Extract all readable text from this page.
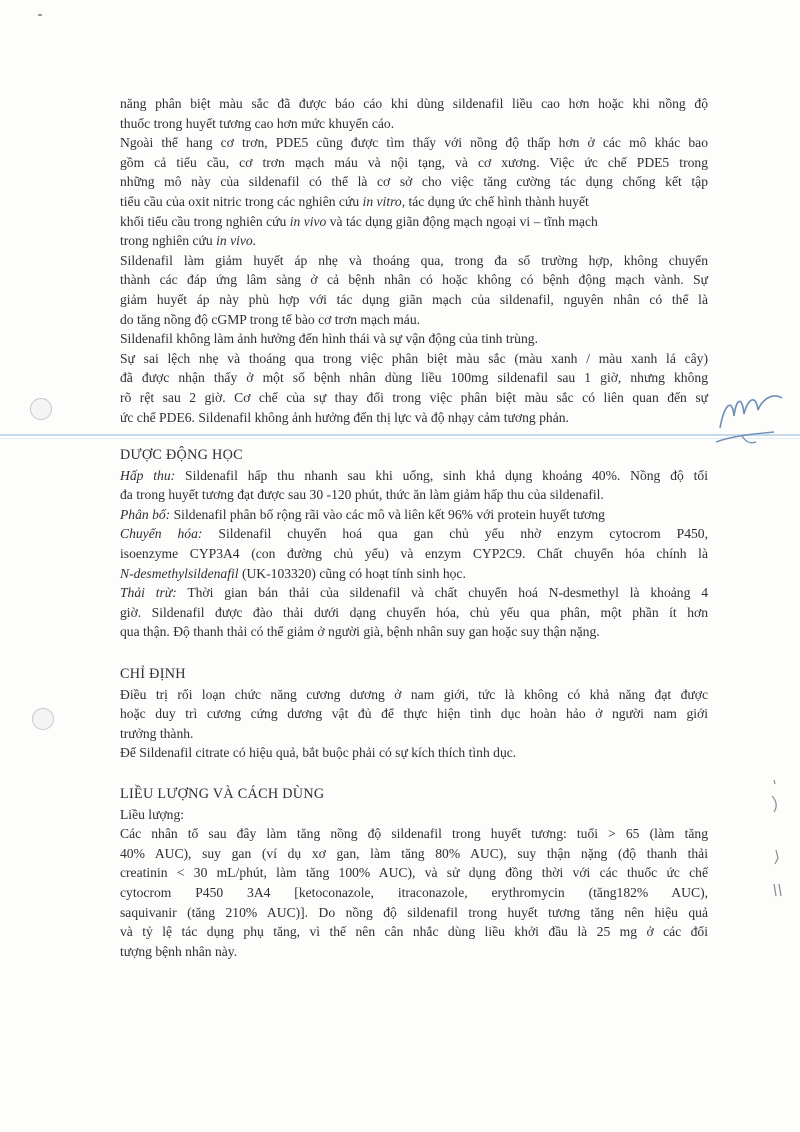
năng phân biệt màu sắc đã được báo cáo khi dùng sildenafil liều cao hơn hoặc khi nồng độ
thuốc trong huyết tương cao hơn mức khuyến cáo.
Ngoài thể hang cơ trơn, PDE5 cũng được tìm thấy với nồng độ thấp hơn ở các mô khác bao
gồm cả tiểu cầu, cơ trơn mạch máu và nội tạng, và cơ xương. Việc ức chế PDE5 trong
những mô này của sildenafil có thể là cơ sở cho việc tăng cường tác dụng chống kết tập
tiểu cầu của oxit nitric trong các nghiên cứu in vitro, tác dụng ức chế hình thành huyết
khối tiểu cầu trong nghiên cứu in vivo và tác dụng giãn động mạch ngoại vi – tĩnh mạch
trong nghiên cứu in vivo.
Sildenafil làm giảm huyết áp nhẹ và thoáng qua, trong đa số trường hợp, không chuyển
thành các đáp ứng lâm sàng ở cả bệnh nhân có hoặc không có bệnh động mạch vành. Sự
giảm huyết áp này phù hợp với tác dụng giãn mạch của sildenafil, nguyên nhân có thể là
do tăng nồng độ cGMP trong tế bào cơ trơn mạch máu.
Sildenafil không làm ảnh hưởng đến hình thái và sự vận động của tinh trùng.
Sự sai lệch nhẹ và thoáng qua trong việc phân biệt màu sắc (màu xanh / màu xanh lá cây)
đã được nhận thấy ở một số bệnh nhân dùng liều 100mg sildenafil sau 1 giờ, nhưng không
rõ rệt sau 2 giờ. Cơ chế của sự thay đổi trong việc phân biệt màu sắc có liên quan đến sự
ức chế PDE6. Sildenafil không ảnh hưởng đến thị lực và độ nhạy cảm tương phản.
DƯỢC ĐỘNG HỌC
Hấp thu: Sildenafil hấp thu nhanh sau khi uống, sinh khả dụng khoảng 40%. Nồng độ tối
đa trong huyết tương đạt được sau 30 -120 phút, thức ăn làm giảm hấp thu của sildenafil.
Phân bố: Sildenafil phân bố rộng rãi vào các mô và liên kết 96% với protein huyết tương
Chuyển hóa: Sildenafil chuyển hoá qua gan chủ yếu nhờ enzym cytocrom P450,
isoenzyme CYP3A4 (con đường chủ yếu) và enzym CYP2C9. Chất chuyển hóa chính là
N-desmethylsildenafil (UK-103320) cũng có hoạt tính sinh học.
Thải trừ: Thời gian bán thải của sildenafil và chất chuyển hoá N-desmethyl là khoảng 4
giờ. Sildenafil được đào thải dưới dạng chuyển hóa, chủ yếu qua phân, một phần ít hơn
qua thận. Độ thanh thải có thể giảm ở người già, bệnh nhân suy gan hoặc suy thận nặng.
CHỈ ĐỊNH
Điều trị rối loạn chức năng cương dương ở nam giới, tức là không có khả năng đạt được
hoặc duy trì cương cứng dương vật đủ để thực hiện tình dục hoàn hảo ở người nam giới
trưởng thành.
Để Sildenafil citrate có hiệu quả, bắt buộc phải có sự kích thích tình dục.
LIỀU LƯỢNG VÀ CÁCH DÙNG
Liều lượng:
Các nhân tố sau đây làm tăng nồng độ sildenafil trong huyết tương: tuổi > 65 (làm tăng
40% AUC), suy gan (ví dụ xơ gan, làm tăng 80% AUC), suy thận nặng (độ thanh thải
creatinin < 30 mL/phút, làm tăng 100% AUC), và sử dụng đồng thời với các thuốc ức chế
cytocrom P450 3A4 [ketoconazole, itraconazole, erythromycin (tăng182% AUC),
saquivanir (tăng 210% AUC)]. Do nồng độ sildenafil trong huyết tương tăng nên hiệu quả
và tỷ lệ tác dụng phụ tăng, vì thế nên cân nhắc dùng liều khởi đầu là 25 mg ở các đối
tượng bệnh nhân này.
